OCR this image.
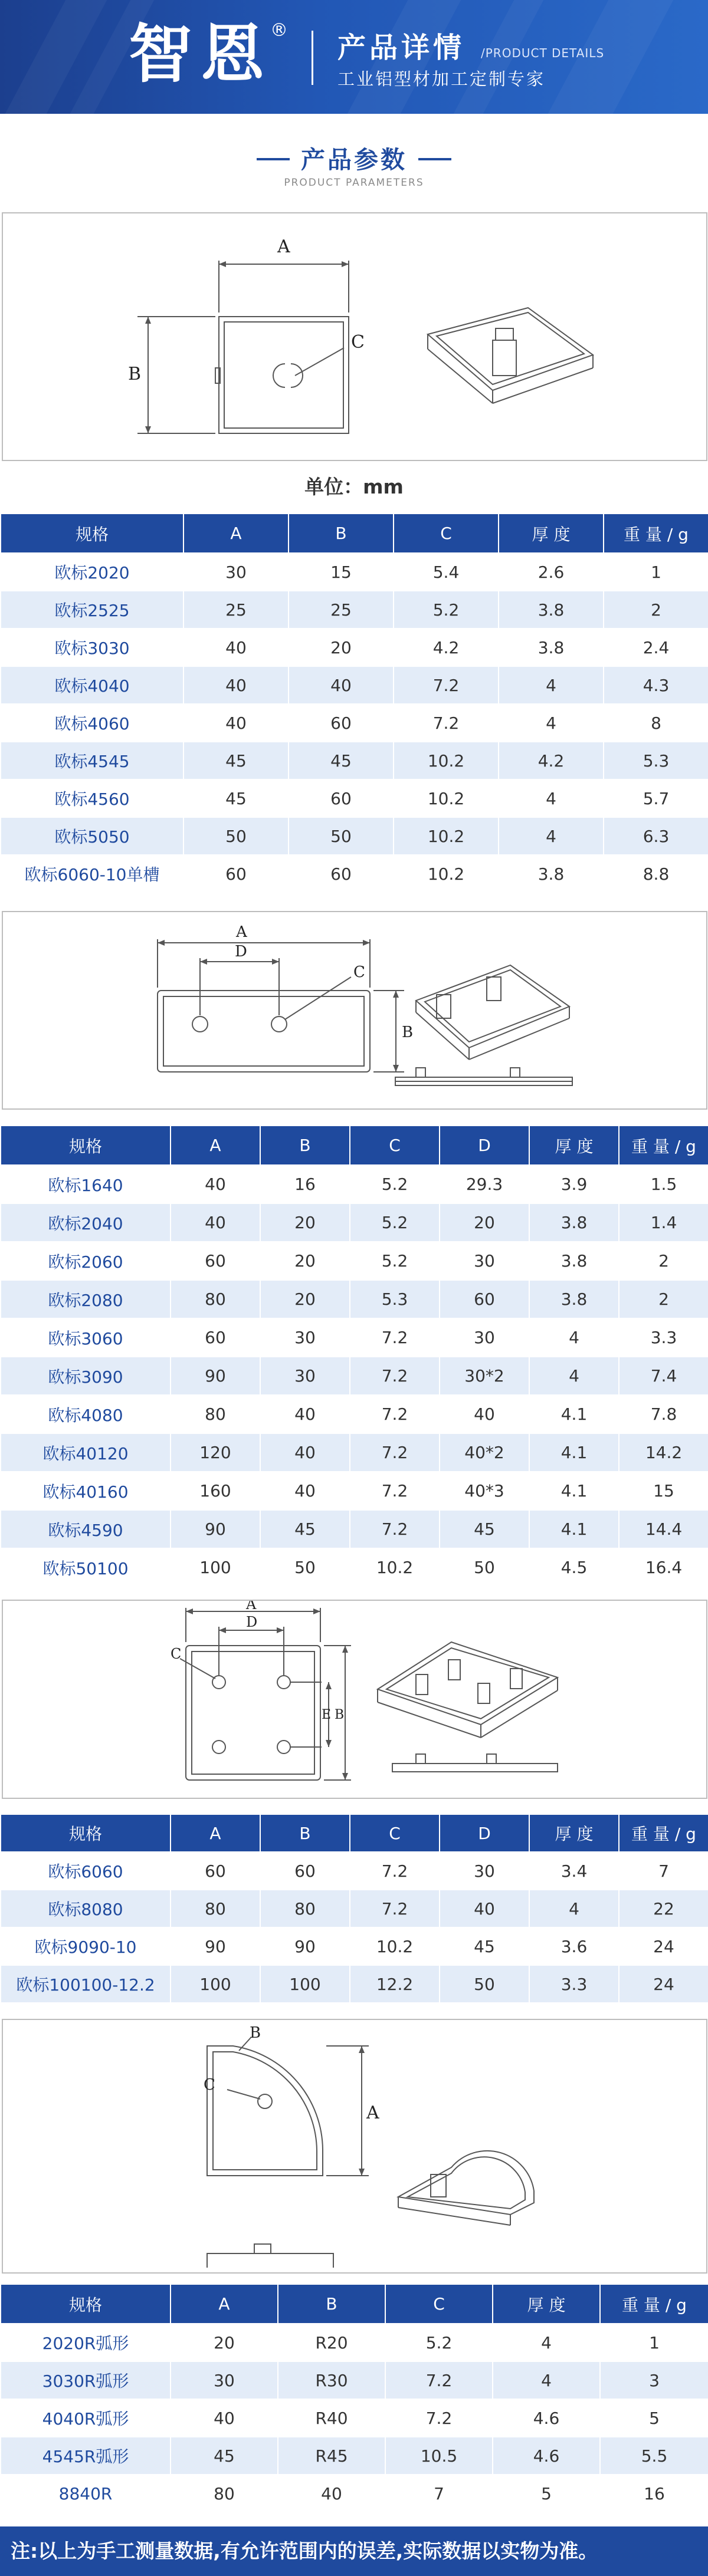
智恩
®
产品详情 /PRODUCT DETAILS
工业铝型材加工定制专家
产品参数
PRODUCT PARAMETERS
A
B
C
单位：mm
规格	A	B	C	厚 度	重 量 / g
欧标2020	30	15	5.4	2.6	1
欧标2525	25	25	5.2	3.8	2
欧标3030	40	20	4.2	3.8	2.4
欧标4040	40	40	7.2	4	4.3
欧标4060	40	60	7.2	4	8
欧标4545	45	45	10.2	4.2	5.3
欧标4560	45	60	10.2	4	5.7
欧标5050	50	50	10.2	4	6.3
欧标6060-10单槽	60	60	10.2	3.8	8.8
A
D
B
C
规格	A	B	C	D	厚 度	重 量 / g
欧标1640	40	16	5.2	29.3	3.9	1.5
欧标2040	40	20	5.2	20	3.8	1.4
欧标2060	60	20	5.2	30	3.8	2
欧标2080	80	20	5.3	60	3.8	2
欧标3060	60	30	7.2	30	4	3.3
欧标3090	90	30	7.2	30*2	4	7.4
欧标4080	80	40	7.2	40	4.1	7.8
欧标40120	120	40	7.2	40*2	4.1	14.2
欧标40160	160	40	7.2	40*3	4.1	15
欧标4590	90	45	7.2	45	4.1	14.4
欧标50100	100	50	10.2	50	4.5	16.4
A
D
C
E B
规格	A	B	C	D	厚 度	重 量 / g
欧标6060	60	60	7.2	30	3.4	7
欧标8080	80	80	7.2	40	4	22
欧标9090-10	90	90	10.2	45	3.6	24
欧标100100-12.2	100	100	12.2	50	3.3	24
A
B
C
规格	A	B	C	厚 度	重 量 / g
2020R弧形	20	R20	5.2	4	1
3030R弧形	30	R30	7.2	4	3
4040R弧形	40	R40	7.2	4.6	5
4545R弧形	45	R45	10.5	4.6	5.5
8840R	80	40	7	5	16
注:以上为手工测量数据,有允许范围内的误差,实际数据以实物为准。
